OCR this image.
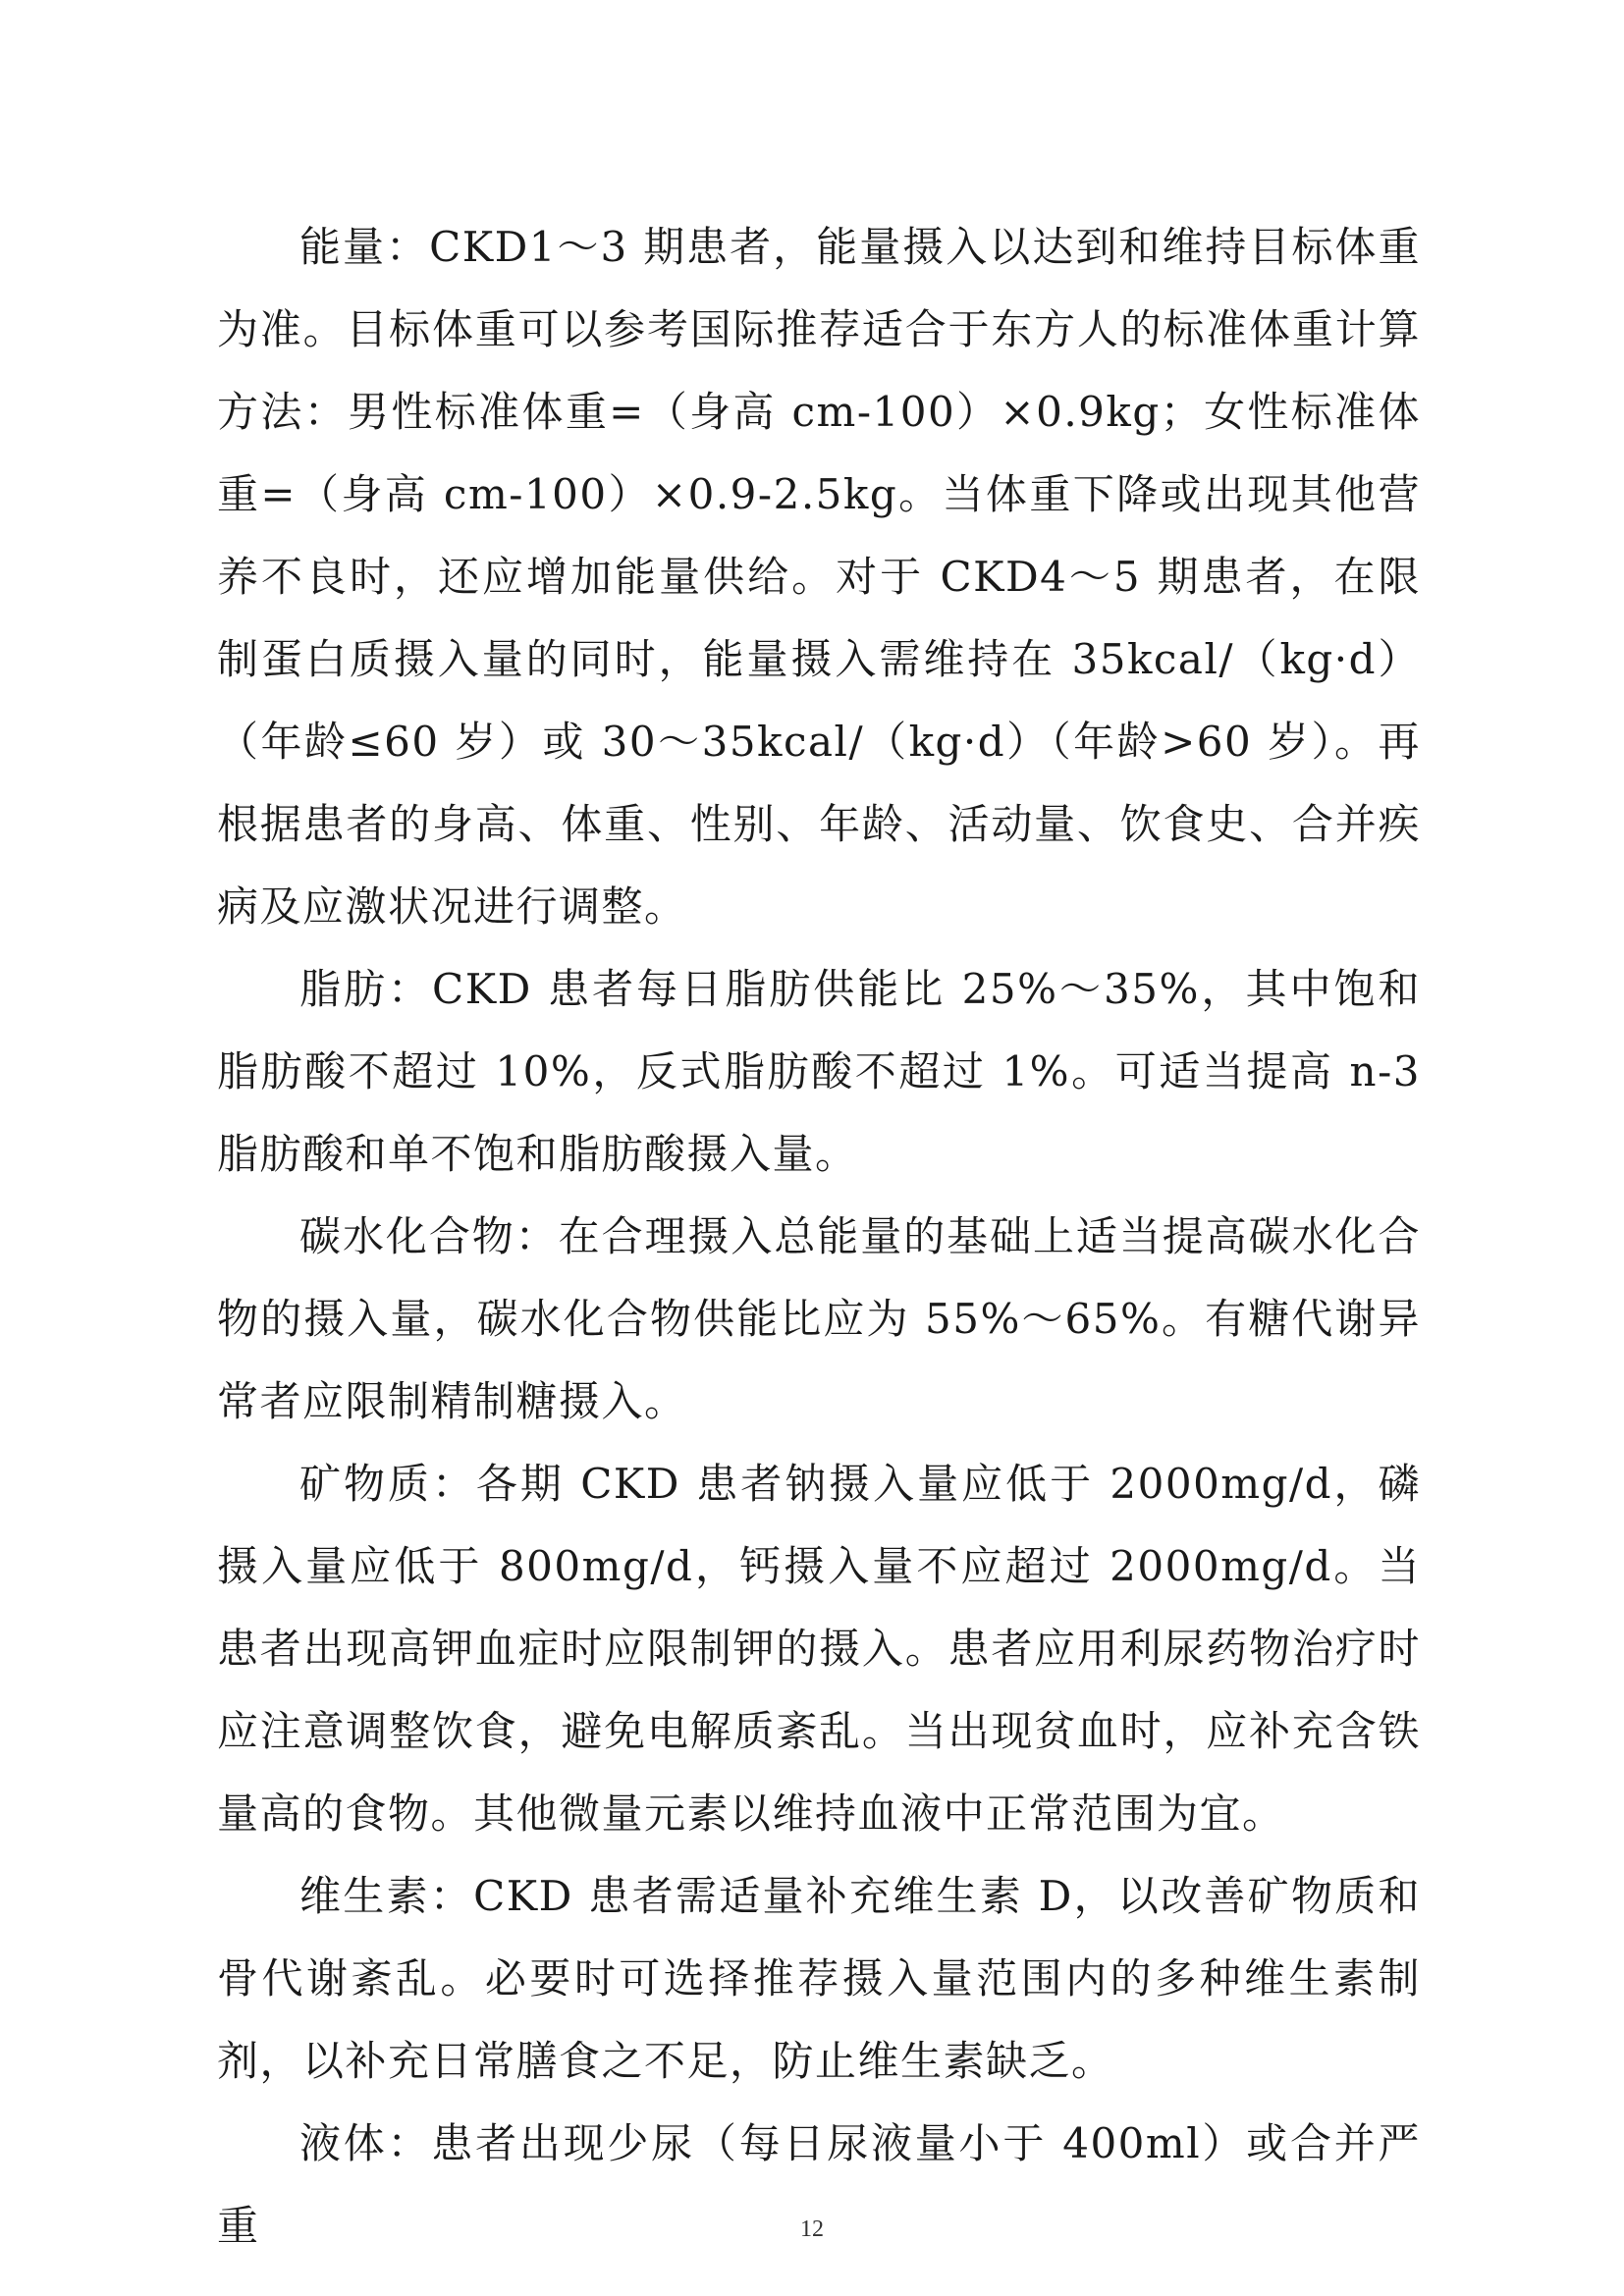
能量：CKD1～3 期患者，能量摄入以达到和维持目标体重为准。目标体重可以参考国际推荐适合于东方人的标准体重计算方法：男性标准体重=（身高 cm-100）×0.9kg；女性标准体重=（身高 cm-100）×0.9-2.5kg。当体重下降或出现其他营养不良时，还应增加能量供给。对于 CKD4～5 期患者，在限制蛋白质摄入量的同时，能量摄入需维持在 35kcal/（kg·d）（年龄≤60 岁）或 30～35kcal/（kg·d）（年龄>60 岁）。再根据患者的身高、体重、性别、年龄、活动量、饮食史、合并疾病及应激状况进行调整。

脂肪：CKD 患者每日脂肪供能比 25%～35%，其中饱和脂肪酸不超过 10%，反式脂肪酸不超过 1%。可适当提高 n-3 脂肪酸和单不饱和脂肪酸摄入量。

碳水化合物：在合理摄入总能量的基础上适当提高碳水化合物的摄入量，碳水化合物供能比应为 55%～65%。有糖代谢异常者应限制精制糖摄入。

矿物质：各期 CKD 患者钠摄入量应低于 2000mg/d，磷摄入量应低于 800mg/d，钙摄入量不应超过 2000mg/d。当患者出现高钾血症时应限制钾的摄入。患者应用利尿药物治疗时应注意调整饮食，避免电解质紊乱。当出现贫血时，应补充含铁量高的食物。其他微量元素以维持血液中正常范围为宜。

维生素：CKD 患者需适量补充维生素 D，以改善矿物质和骨代谢紊乱。必要时可选择推荐摄入量范围内的多种维生素制剂，以补充日常膳食之不足，防止维生素缺乏。

液体：患者出现少尿（每日尿液量小于 400ml）或合并严重	12
